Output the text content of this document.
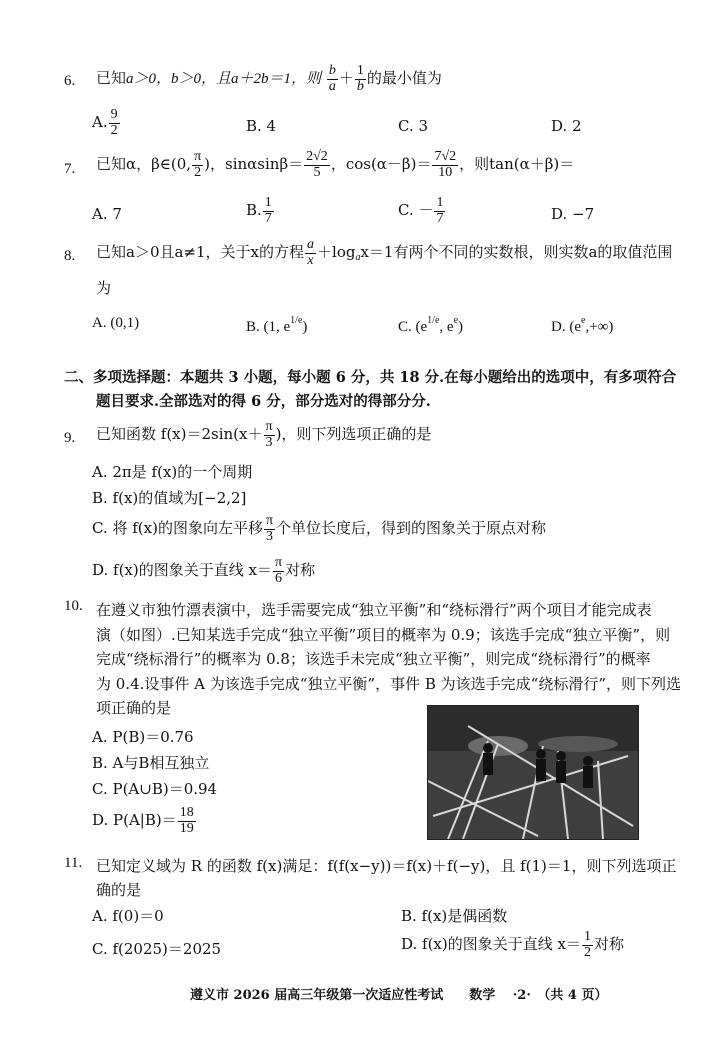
6. 已知a＞0，b＞0，且a＋2b＝1，则 $\frac{b}{a} + \frac{1}{b}$ 的最小值为
A. $\frac{9}{2}$	B. 4	C. 3	D. 2
7. 已知α，β∈(0, $\frac{\pi}{2}$ )，$\sin\alpha\sin\beta= \frac{2√2}{5}$ ，$\cos(\alpha-\beta)= \frac{7√2}{10}$ ，则tan(α＋β)＝
A. 7	B. $\frac{1}{7}$	C. － $\frac{1}{7}$	D. −7
8. 已知a＞0且a≠1，关于x的方程 $\frac{a}{x} +\log_ax=1$有两个不同的实数根，则实数a的取值范围
为
A. (0,1)	B. (1, $e^{1/e}$)	C. ($e^{1/e}$, $e^e$)	D. $(e^e,+\infty)$
二、多项选择题：本题共 3 小题，每小题 6 分，共 18 分.在每小题给出的选项中，有多项符合
题目要求.全部选对的得 6 分，部分选对的得部分分.
9. 已知函数 $f(x)=2\sin(x+ \frac{\pi}{3}$ )，则下列选项正确的是
A. 2π是 f(x)的一个周期
B. f(x)的值域为[−2,2]
C. 将 f(x)的图象向左平移 $\frac{\pi}{3}$ 个单位长度后，得到的图象关于原点对称
D. f(x)的图象关于直线 $x= \frac{\pi}{6}$ 对称
10. 在遵义市独竹漂表演中，选手需要完成“独立平衡”和“绕标滑行”两个项目才能完成表
演（如图）.已知某选手完成“独立平衡”项目的概率为 0.9；该选手完成“独立平衡”，则
完成“绕标滑行”的概率为 0.8；该选手未完成“独立平衡”，则完成“绕标滑行”的概率
为 0.4.设事件 A 为该选手完成“独立平衡”，事件 B 为该选手完成“绕标滑行”，则下列选
项正确的是
A. P(B)＝0.76
B. A与B相互独立
C. P(A∪B)＝0.94
D. $P(A|B)= \frac{18}{19}$
11. 已知定义域为 R 的函数 f(x)满足：f(f(x−y))＝f(x)＋f(−y)，且 f(1)＝1，则下列选项正
确的是
A. f(0)＝0	B. f(x)是偶函数
C. f(2025)＝2025	D. f(x)的图象关于直线 $x= \frac{1}{2}$ 对称
遵义市 2026 届高三年级第一次适应性考试　　数学　 ·2·　（共 4 页）
